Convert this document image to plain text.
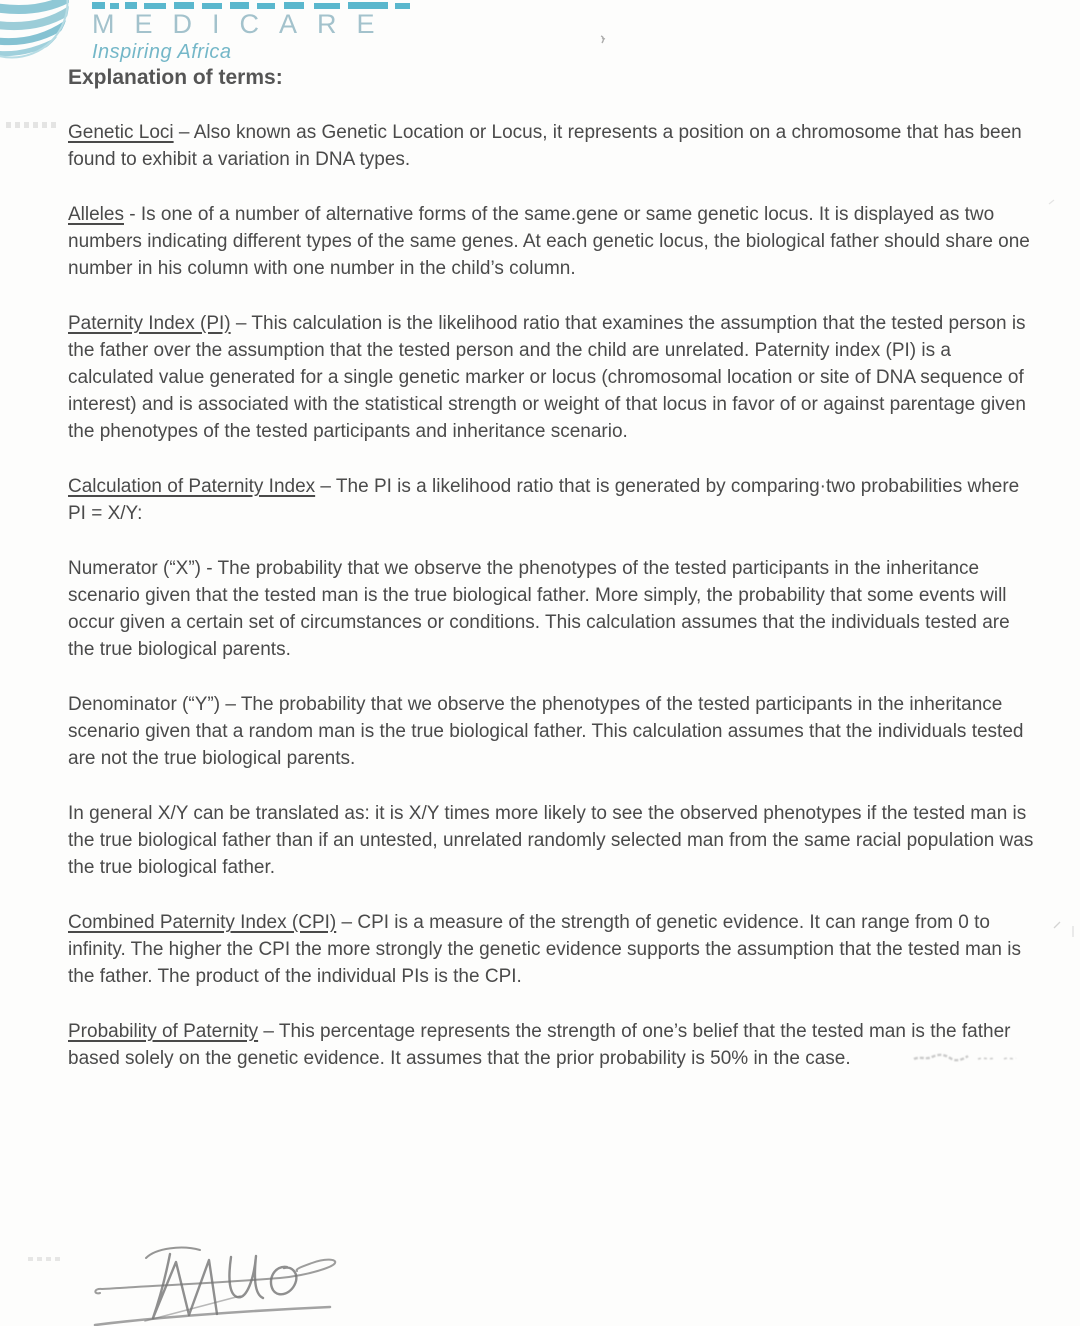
MEDICARE
Inspiring Africa
Explanation of terms:

Genetic Loci – Also known as Genetic Location or Locus, it represents a position on a chromosome that has been found to exhibit a variation in DNA types.

Alleles - Is one of a number of alternative forms of the same.gene or same genetic locus. It is displayed as two numbers indicating different types of the same genes. At each genetic locus, the biological father should share one number in his column with one number in the child’s column.

Paternity Index (PI) – This calculation is the likelihood ratio that examines the assumption that the tested person is the father over the assumption that the tested person and the child are unrelated. Paternity index (PI) is a calculated value generated for a single genetic marker or locus (chromosomal location or site of DNA sequence of interest) and is associated with the statistical strength or weight of that locus in favor of or against parentage given the phenotypes of the tested participants and inheritance scenario.

Calculation of Paternity Index – The PI is a likelihood ratio that is generated by comparing·two probabilities where PI = X/Y:

Numerator (“X”) - The probability that we observe the phenotypes of the tested participants in the inheritance scenario given that the tested man is the true biological father. More simply, the probability that some events will occur given a certain set of circumstances or conditions. This calculation assumes that the individuals tested are the true biological parents.

Denominator (“Y”) – The probability that we observe the phenotypes of the tested participants in the inheritance scenario given that a random man is the true biological father. This calculation assumes that the individuals tested are not the true biological parents.

In general X/Y can be translated as: it is X/Y times more likely to see the observed phenotypes if the tested man is the true biological father than if an untested, unrelated randomly selected man from the same racial population was the true biological father.

Combined Paternity Index (CPI) – CPI is a measure of the strength of genetic evidence. It can range from 0 to infinity. The higher the CPI the more strongly the genetic evidence supports the assumption that the tested man is the father. The product of the individual PIs is the CPI.

Probability of Paternity – This percentage represents the strength of one’s belief that the tested man is the father based solely on the genetic evidence. It assumes that the prior probability is 50% in the case.
